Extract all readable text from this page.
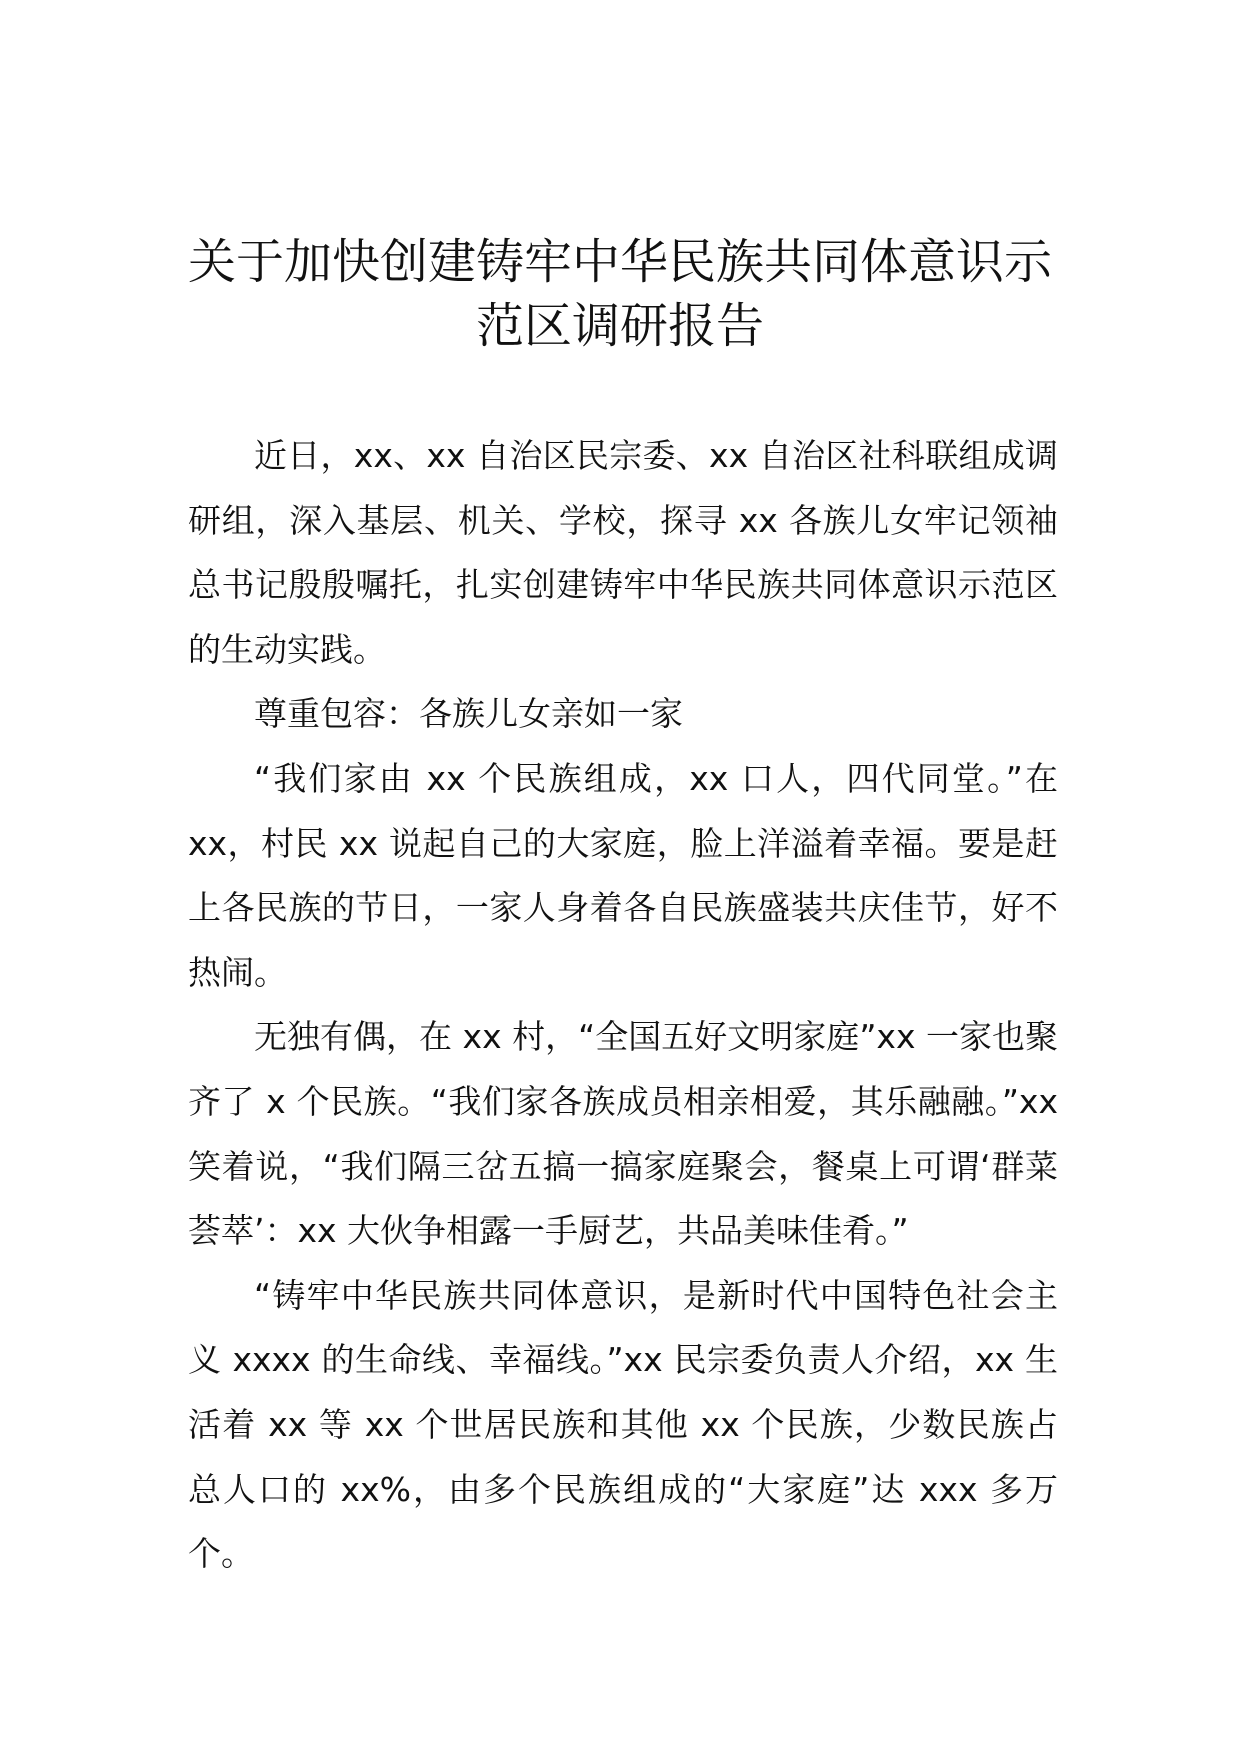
关于加快创建铸牢中华民族共同体意识示
范区调研报告

近日，xx、xx 自治区民宗委、xx 自治区社科联组成调研组，深入基层、机关、学校，探寻 xx 各族儿女牢记领袖总书记殷殷嘱托，扎实创建铸牢中华民族共同体意识示范区的生动实践。

尊重包容：各族儿女亲如一家

“我们家由 xx 个民族组成，xx 口人，四代同堂。”在 xx，村民 xx 说起自己的大家庭，脸上洋溢着幸福。要是赶上各民族的节日，一家人身着各自民族盛装共庆佳节，好不热闹。

无独有偶，在 xx 村，“全国五好文明家庭”xx 一家也聚齐了 x 个民族。“我们家各族成员相亲相爱，其乐融融。”xx 笑着说，“我们隔三岔五搞一搞家庭聚会，餐桌上可谓‘群菜荟萃’：xx 大伙争相露一手厨艺，共品美味佳肴。”

“铸牢中华民族共同体意识，是新时代中国特色社会主义 xxxx 的生命线、幸福线。”xx 民宗委负责人介绍，xx 生活着 xx 等 xx 个世居民族和其他 xx 个民族，少数民族占总人口的 xx%，由多个民族组成的“大家庭”达 xxx 多万个。
